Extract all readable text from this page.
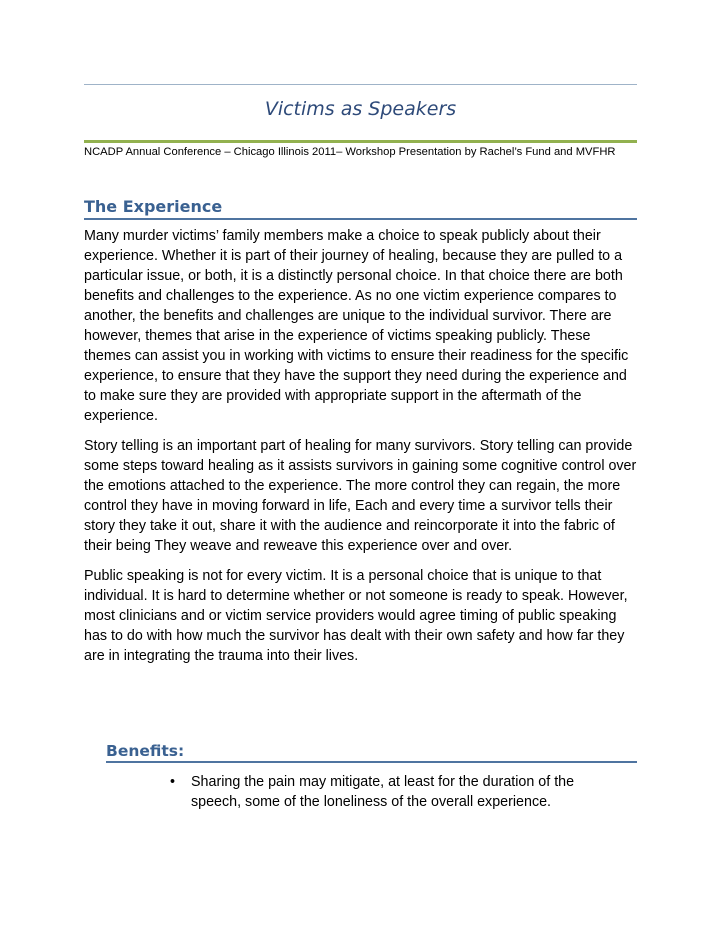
Victims as Speakers
NCADP Annual Conference – Chicago Illinois 2011– Workshop Presentation by Rachel’s Fund and MVFHR
The Experience

Many murder victims’ family members make a choice to speak publicly about their experience. Whether it is part of their journey of healing, because they are pulled to a particular issue, or both, it is a distinctly personal choice. In that choice there are both benefits and challenges to the experience. As no one victim experience compares to another, the benefits and challenges are unique to the individual survivor. There are however, themes that arise in the experience of victims speaking publicly. These themes can assist you in working with victims to ensure their readiness for the specific experience, to ensure that they have the support they need during the experience and to make sure they are provided with appropriate support in the aftermath of the experience.

Story telling is an important part of healing for many survivors. Story telling can provide some steps toward healing as it assists survivors in gaining some cognitive control over the emotions attached to the experience. The more control they can regain, the more control they have in moving forward in life, Each and every time a survivor tells their story they take it out, share it with the audience and reincorporate it into the fabric of their being They weave and reweave this experience over and over.

Public speaking is not for every victim. It is a personal choice that is unique to that individual. It is hard to determine whether or not someone is ready to speak. However, most clinicians and or victim service providers would agree timing of public speaking has to do with how much the survivor has dealt with their own safety and how far they are in integrating the trauma into their lives.

Benefits:
• Sharing the pain may mitigate, at least for the duration of the speech, some of the loneliness of the overall experience.
